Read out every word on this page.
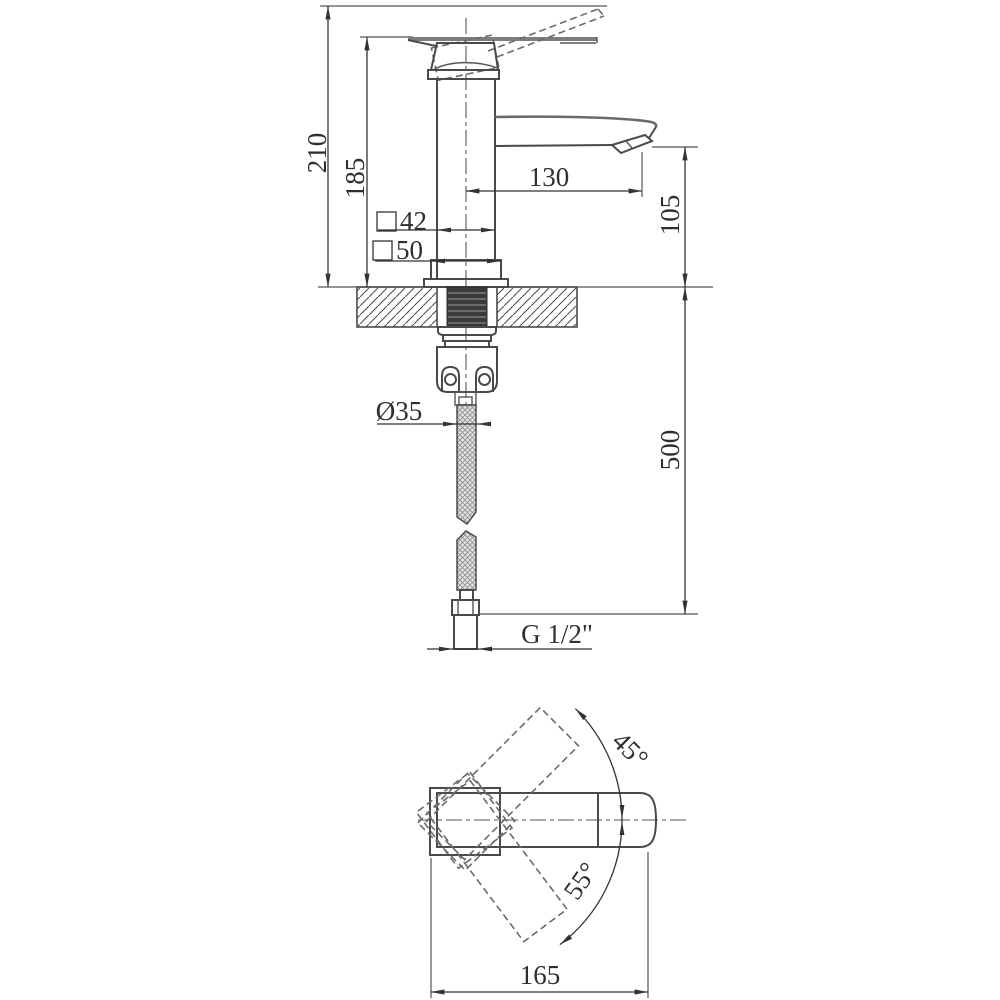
210
185	130
105
500
42
50
Ø35
G 1/2"
45°
55°
165
